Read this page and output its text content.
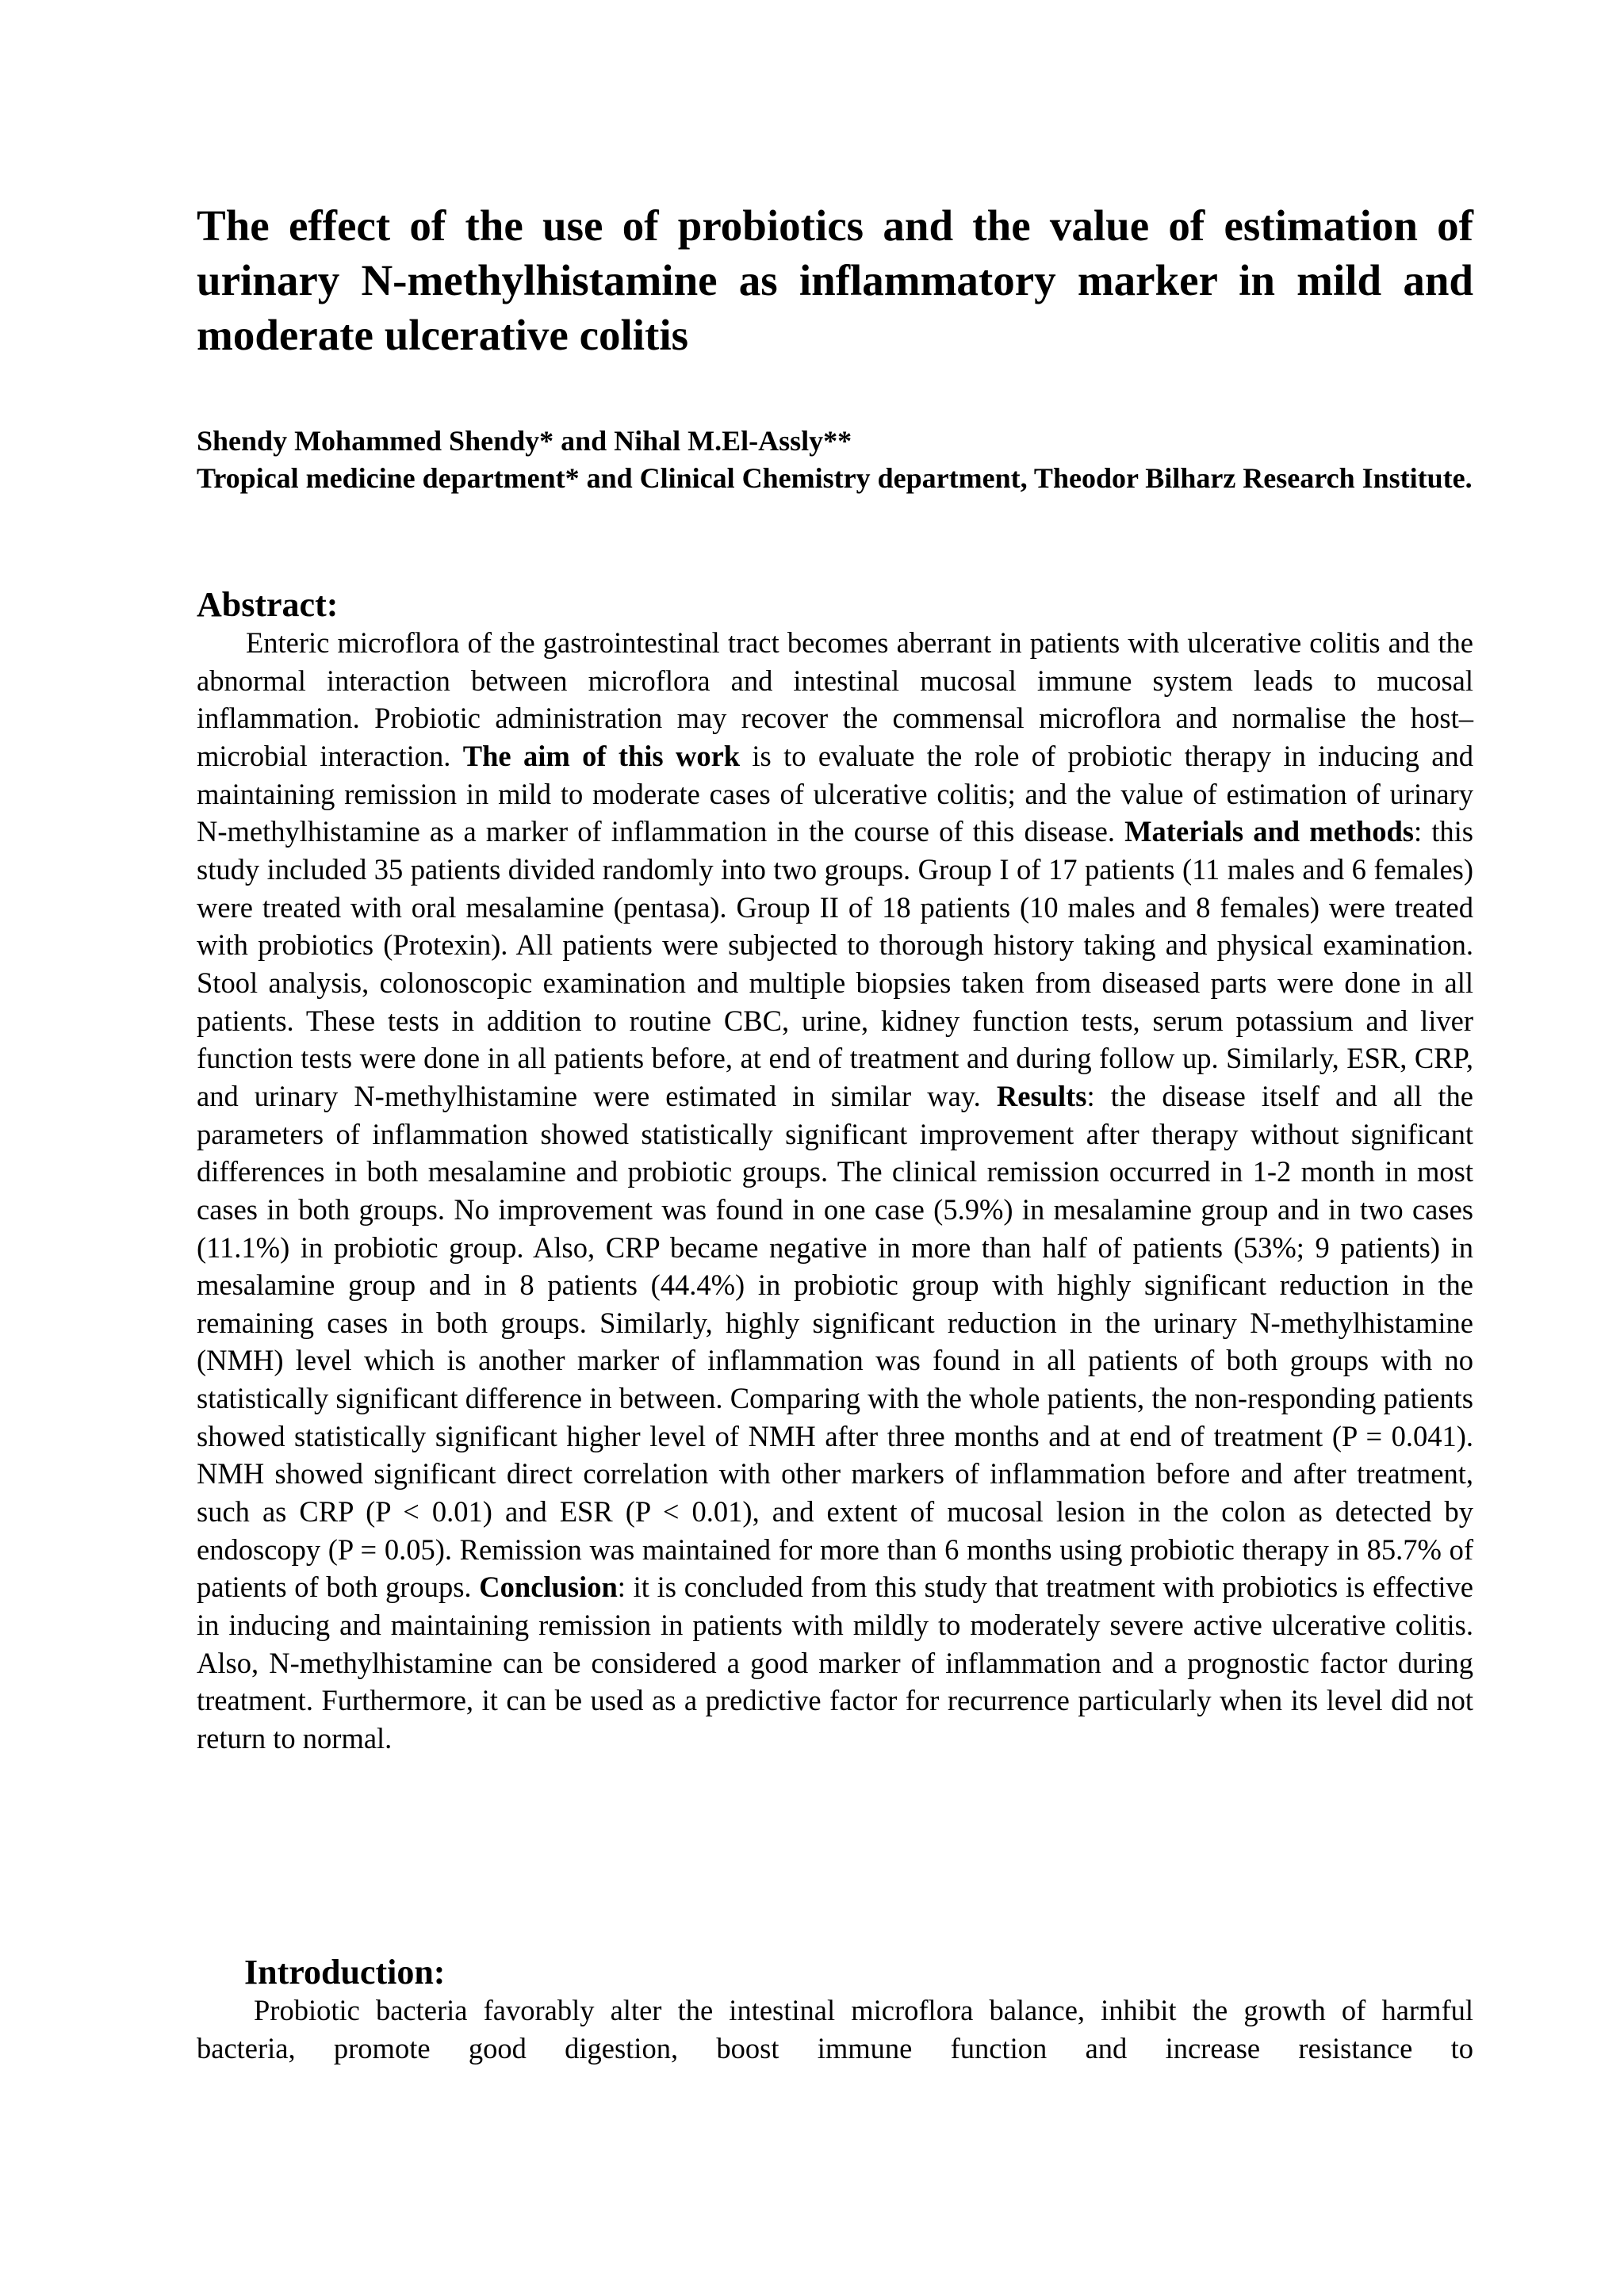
The effect of the use of probiotics and the value of estimation of urinary N-methylhistamine as inflammatory marker in mild and moderate ulcerative colitis

Shendy Mohammed Shendy* and Nihal M.El-Assly**

Tropical medicine department* and Clinical Chemistry department, Theodor Bilharz Research Institute.

Abstract:

Enteric microflora of the gastrointestinal tract becomes aberrant in patients with ulcerative colitis and the abnormal interaction between microflora and intestinal mucosal immune system leads to mucosal inflammation. Probiotic administration may recover the commensal microflora and normalise the host–microbial interaction. The aim of this work is to evaluate the role of probiotic therapy in inducing and maintaining remission in mild to moderate cases of ulcerative colitis; and the value of estimation of urinary N-methylhistamine as a marker of inflammation in the course of this disease. Materials and methods: this study included 35 patients divided randomly into two groups. Group I of 17 patients (11 males and 6 females) were treated with oral mesalamine (pentasa). Group II of 18 patients (10 males and 8 females) were treated with probiotics (Protexin). All patients were subjected to thorough history taking and physical examination. Stool analysis, colonoscopic examination and multiple biopsies taken from diseased parts were done in all patients. These tests in addition to routine CBC, urine, kidney function tests, serum potassium and liver function tests were done in all patients before, at end of treatment and during follow up. Similarly, ESR, CRP, and urinary N-methylhistamine were estimated in similar way. Results: the disease itself and all the parameters of inflammation showed statistically significant improvement after therapy without significant differences in both mesalamine and probiotic groups. The clinical remission occurred in 1-2 month in most cases in both groups. No improvement was found in one case (5.9%) in mesalamine group and in two cases (11.1%) in probiotic group. Also, CRP became negative in more than half of patients (53%; 9 patients) in mesalamine group and in 8 patients (44.4%) in probiotic group with highly significant reduction in the remaining cases in both groups. Similarly, highly significant reduction in the urinary N-methylhistamine (NMH) level which is another marker of inflammation was found in all patients of both groups with no statistically significant difference in between. Comparing with the whole patients, the non-responding patients showed statistically significant higher level of NMH after three months and at end of treatment (P = 0.041). NMH showed significant direct correlation with other markers of inflammation before and after treatment, such as CRP (P < 0.01) and ESR (P < 0.01), and extent of mucosal lesion in the colon as detected by endoscopy (P = 0.05). Remission was maintained for more than 6 months using probiotic therapy in 85.7% of patients of both groups. Conclusion: it is concluded from this study that treatment with probiotics is effective in inducing and maintaining remission in patients with mildly to moderately severe active ulcerative colitis. Also, N-methylhistamine can be considered a good marker of inflammation and a prognostic factor during treatment. Furthermore, it can be used as a predictive factor for recurrence particularly when its level did not return to normal.

Introduction:

Probiotic bacteria favorably alter the intestinal microflora balance, inhibit the growth of harmful bacteria, promote good digestion, boost immune function and increase resistance to
